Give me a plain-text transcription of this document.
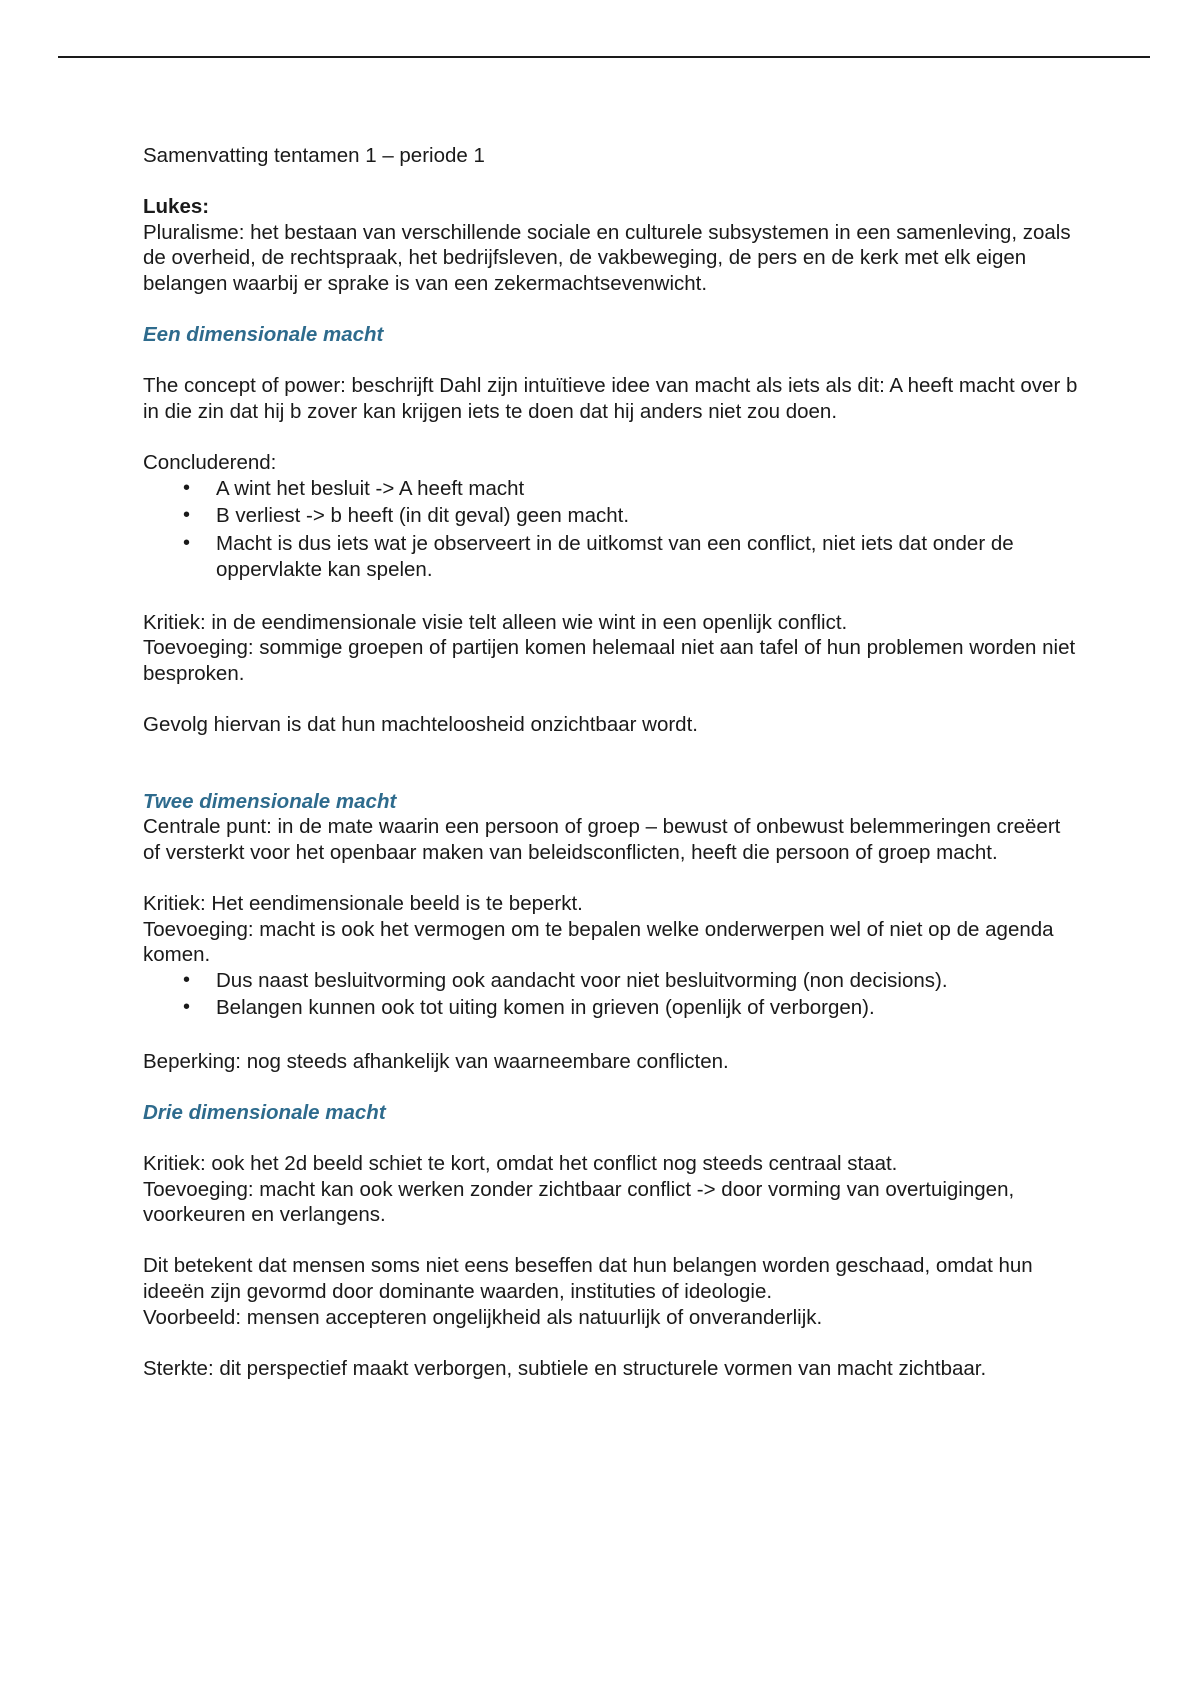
Samenvatting tentamen 1 – periode 1

Lukes:

Pluralisme: het bestaan van verschillende sociale en culturele subsystemen in een samenleving, zoals de overheid, de rechtspraak, het bedrijfsleven, de vakbeweging, de pers en de kerk met elk eigen belangen waarbij er sprake is van een zekermachtsevenwicht.

Een dimensionale macht

The concept of power: beschrijft Dahl zijn intuïtieve idee van macht als iets als dit: A heeft macht over b in die zin dat hij b zover kan krijgen iets te doen dat hij anders niet zou doen.

Concluderend:

• A wint het besluit -> A heeft macht
• B verliest -> b heeft (in dit geval) geen macht.
• Macht is dus iets wat je observeert in de uitkomst van een conflict, niet iets dat onder de oppervlakte kan spelen.

Kritiek: in de eendimensionale visie telt alleen wie wint in een openlijk conflict.

Toevoeging: sommige groepen of partijen komen helemaal niet aan tafel of hun problemen worden niet besproken.

Gevolg hiervan is dat hun machteloosheid onzichtbaar wordt.

Twee dimensionale macht

Centrale punt: in de mate waarin een persoon of groep – bewust of onbewust belemmeringen creëert of versterkt voor het openbaar maken van beleidsconflicten, heeft die persoon of groep macht.

Kritiek: Het eendimensionale beeld is te beperkt.

Toevoeging: macht is ook het vermogen om te bepalen welke onderwerpen wel of niet op de agenda komen.

• Dus naast besluitvorming ook aandacht voor niet besluitvorming (non decisions).
• Belangen kunnen ook tot uiting komen in grieven (openlijk of verborgen).

Beperking: nog steeds afhankelijk van waarneembare conflicten.

Drie dimensionale macht

Kritiek: ook het 2d beeld schiet te kort, omdat het conflict nog steeds centraal staat.

Toevoeging: macht kan ook werken zonder zichtbaar conflict -> door vorming van overtuigingen, voorkeuren en verlangens.

Dit betekent dat mensen soms niet eens beseffen dat hun belangen worden geschaad, omdat hun ideeën zijn gevormd door dominante waarden, instituties of ideologie.

Voorbeeld: mensen accepteren ongelijkheid als natuurlijk of onveranderlijk.

Sterkte: dit perspectief maakt verborgen, subtiele en structurele vormen van macht zichtbaar.
